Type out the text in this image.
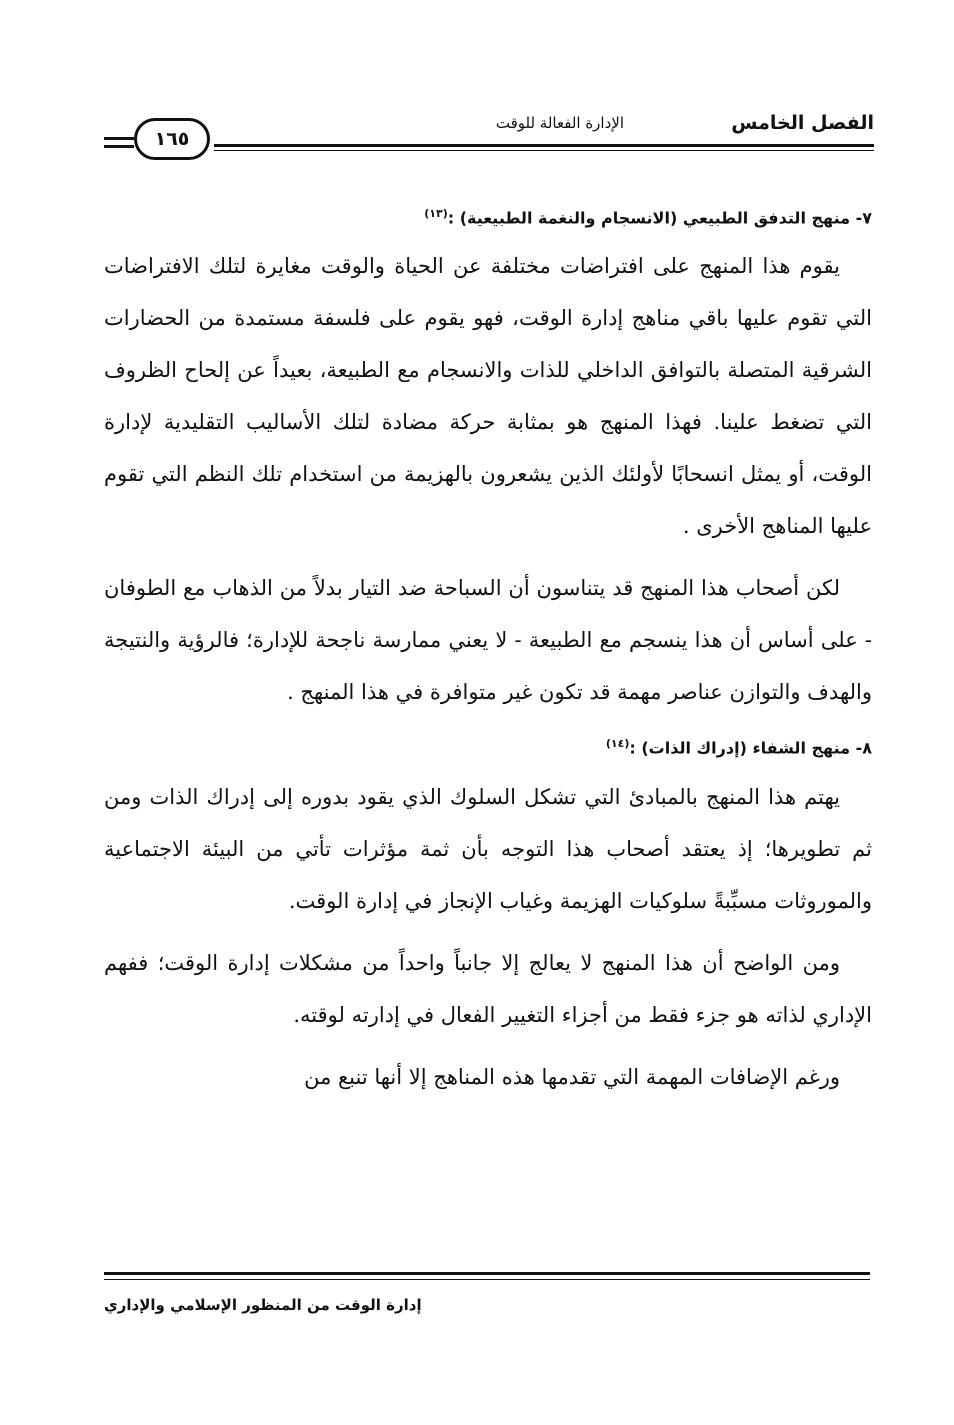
الفصل الخامس
الإدارة الفعالة للوقت
١٦٥
٧- منهج التدفق الطبيعي (الانسجام والنغمة الطبيعية) :$^{(١٣)}$

يقوم هذا المنهج على افتراضات مختلفة عن الحياة والوقت مغايرة لتلك الافتراضات التي تقوم عليها باقي مناهج إدارة الوقت، فهو يقوم على فلسفة مستمدة من الحضارات الشرقية المتصلة بالتوافق الداخلي للذات والانسجام مع الطبيعة، بعيداً عن إلحاح الظروف التي تضغط علينا. فهذا المنهج هو بمثابة حركة مضادة لتلك الأساليب التقليدية لإدارة الوقت، أو يمثل انسحابًا لأولئك الذين يشعرون بالهزيمة من استخدام تلك النظم التي تقوم عليها المناهج الأخرى .

لكن أصحاب هذا المنهج قد يتناسون أن السباحة ضد التيار بدلاً من الذهاب مع الطوفان - على أساس أن هذا ينسجم مع الطبيعة - لا يعني ممارسة ناجحة للإدارة؛ فالرؤية والنتيجة والهدف والتوازن عناصر مهمة قد تكون غير متوافرة في هذا المنهج .

٨- منهج الشفاء (إدراك الذات) :$^{(١٤)}$

يهتم هذا المنهج بالمبادئ التي تشكل السلوك الذي يقود بدوره إلى إدراك الذات ومن ثم تطويرها؛ إذ يعتقد أصحاب هذا التوجه بأن ثمة مؤثرات تأتي من البيئة الاجتماعية والموروثات مسبِّبةً سلوكيات الهزيمة وغياب الإنجاز في إدارة الوقت.

ومن الواضح أن هذا المنهج لا يعالج إلا جانباً واحداً من مشكلات إدارة الوقت؛ ففهم الإداري لذاته هو جزء فقط من أجزاء التغيير الفعال في إدارته لوقته.

ورغم الإضافات المهمة التي تقدمها هذه المناهج إلا أنها تنبع من

إدارة الوقت من المنظور الإسلامي والإداري
